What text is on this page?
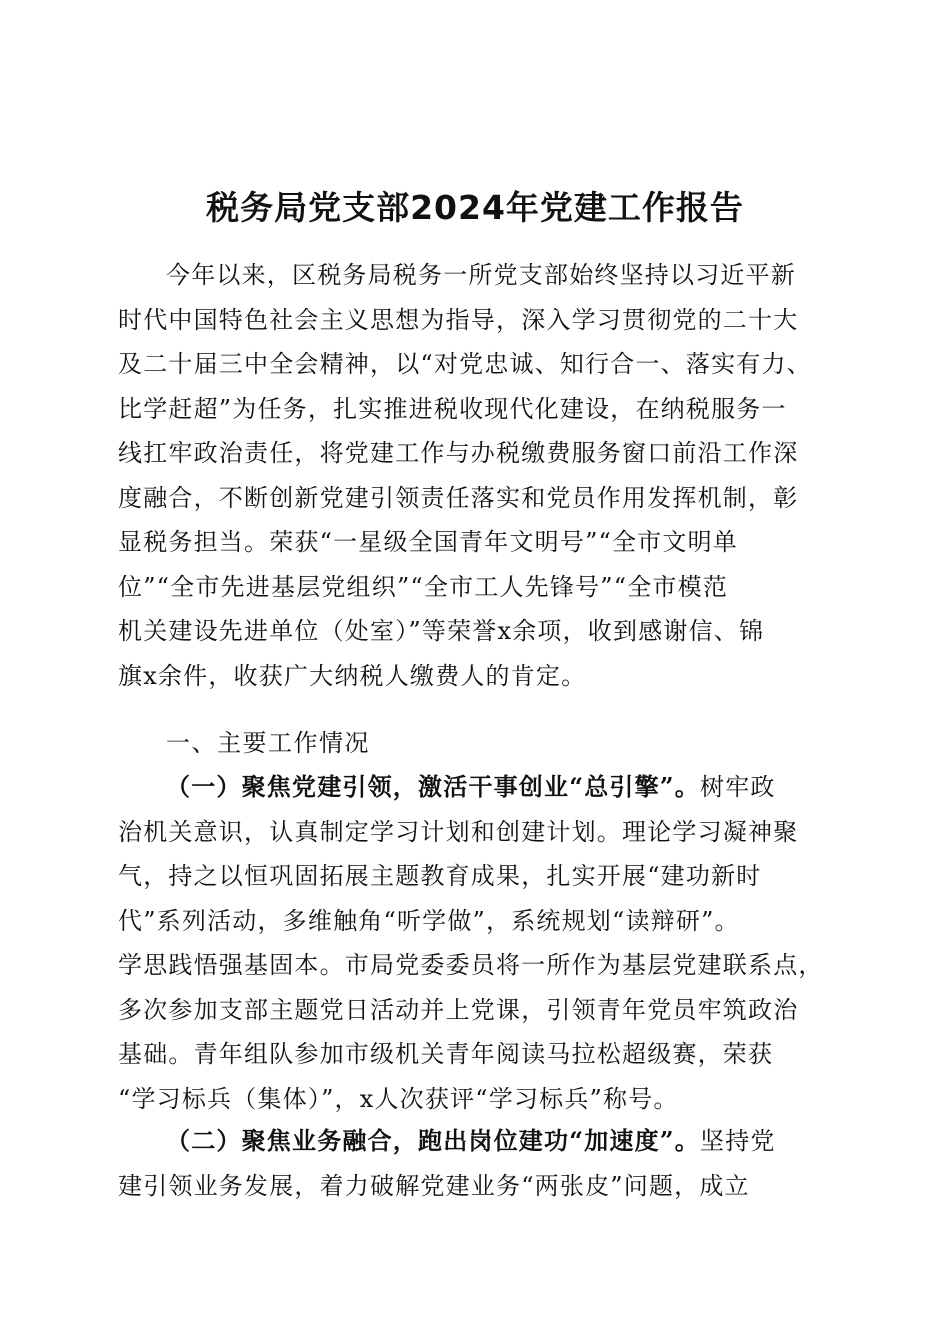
税务局党支部2024年党建工作报告
今年以来，区税务局税务一所党支部始终坚持以习近平新
时代中国特色社会主义思想为指导，深入学习贯彻党的二十大
及二十届三中全会精神，以“对党忠诚、知行合一、落实有力、
比学赶超”为任务，扎实推进税收现代化建设，在纳税服务一
线扛牢政治责任，将党建工作与办税缴费服务窗口前沿工作深
度融合，不断创新党建引领责任落实和党员作用发挥机制，彰
显税务担当。荣获“一星级全国青年文明号”“全市文明单
位”“全市先进基层党组织”“全市工人先锋号”“全市模范
机关建设先进单位（处室）”等荣誉x余项，收到感谢信、锦
旗x余件，收获广大纳税人缴费人的肯定。
一、主要工作情况
（一）聚焦党建引领，激活干事创业“总引擎”。树牢政
治机关意识，认真制定学习计划和创建计划。理论学习凝神聚
气，持之以恒巩固拓展主题教育成果，扎实开展“建功新时
代”系列活动，多维触角“听学做”，系统规划“读辩研”。
学思践悟强基固本。市局党委委员将一所作为基层党建联系点，
多次参加支部主题党日活动并上党课，引领青年党员牢筑政治
基础。青年组队参加市级机关青年阅读马拉松超级赛，荣获
“学习标兵（集体）”，x人次获评“学习标兵”称号。
（二）聚焦业务融合，跑出岗位建功“加速度”。坚持党
建引领业务发展，着力破解党建业务“两张皮”问题，成立
